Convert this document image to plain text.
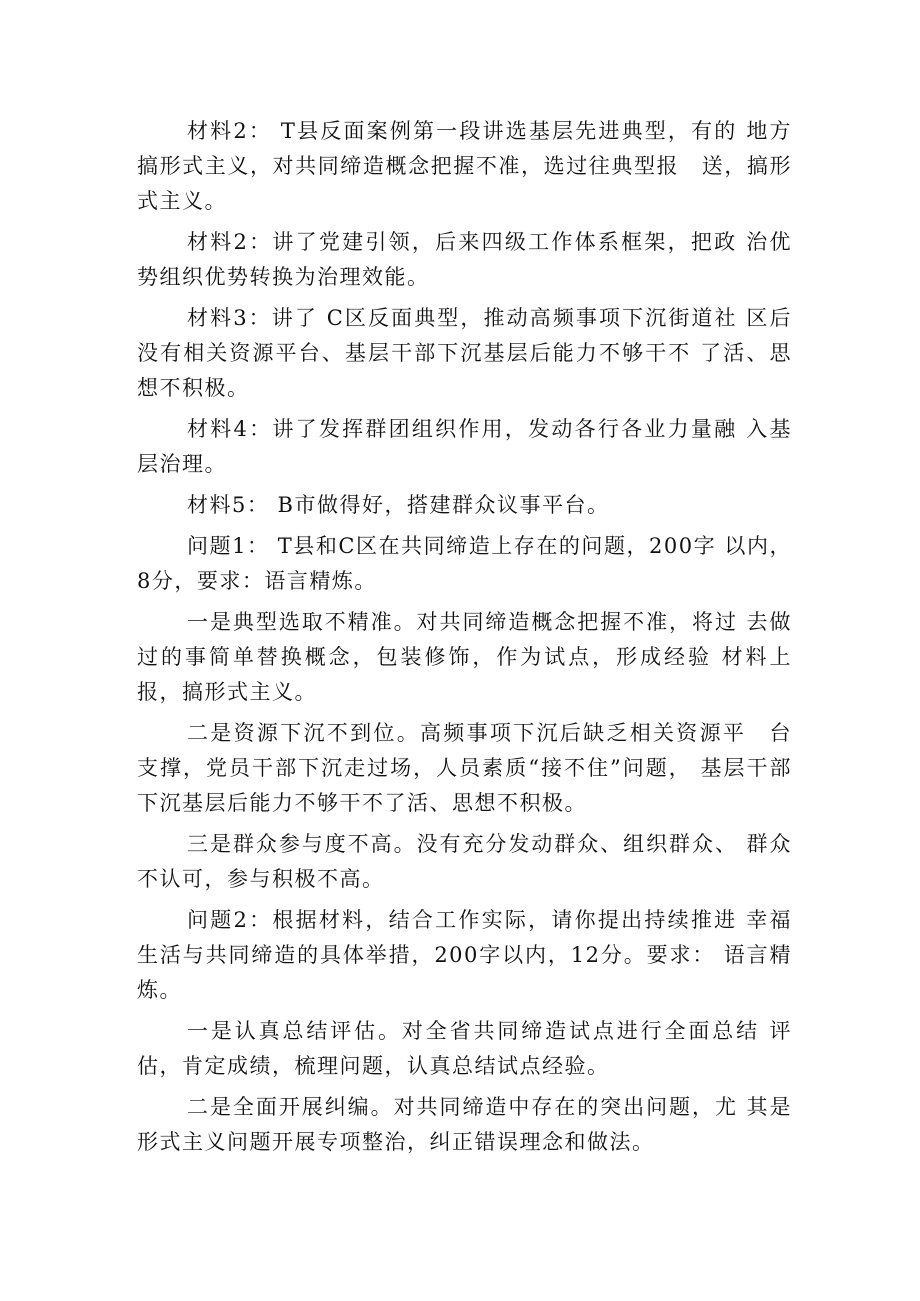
材料2： T县反面案例第一段讲选基层先进典型，有的 地方搞形式主义，对共同缔造概念把握不准，选过往典型报　送，搞形式主义。

材料2：讲了党建引领，后来四级工作体系框架，把政 治优势组织优势转换为治理效能。

材料3：讲了 C区反面典型，推动高频事项下沉街道社 区后没有相关资源平台、基层干部下沉基层后能力不够干不 了活、思想不积极。

材料4：讲了发挥群团组织作用，发动各行各业力量融 入基层治理。

材料5： B市做得好，搭建群众议事平台。

问题1： T县和C区在共同缔造上存在的问题，200字 以内，8分，要求：语言精炼。

一是典型选取不精准。对共同缔造概念把握不准，将过 去做过的事简单替换概念，包装修饰，作为试点，形成经验 材料上报，搞形式主义。

二是资源下沉不到位。高频事项下沉后缺乏相关资源平　台支撑，党员干部下沉走过场，人员素质“接不住”问题， 基层干部下沉基层后能力不够干不了活、思想不积极。

三是群众参与度不高。没有充分发动群众、组织群众、 群众不认可，参与积极不高。

问题2：根据材料，结合工作实际，请你提出持续推进 幸福生活与共同缔造的具体举措，200字以内，12分。要求： 语言精炼。

一是认真总结评估。对全省共同缔造试点进行全面总结 评估，肯定成绩，梳理问题，认真总结试点经验。

二是全面开展纠编。对共同缔造中存在的突出问题，尤 其是形式主义问题开展专项整治，纠正错误理念和做法。
